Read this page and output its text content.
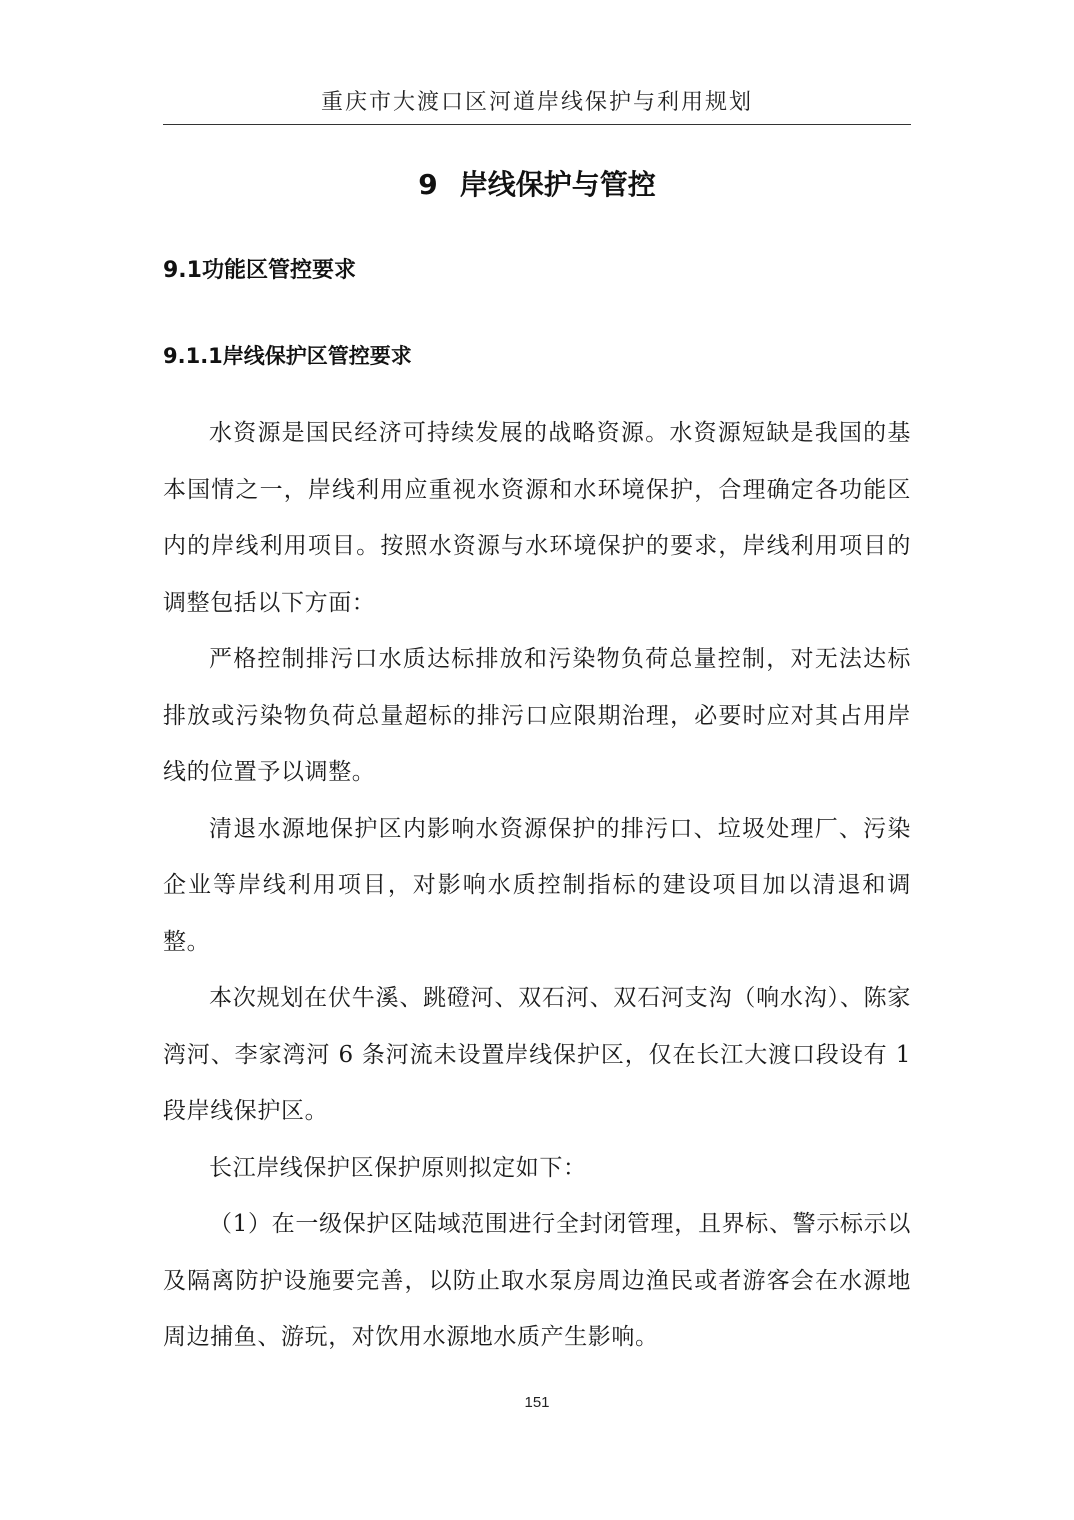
重庆市大渡口区河道岸线保护与利用规划
9 岸线保护与管控
9.1功能区管控要求
9.1.1岸线保护区管控要求

水资源是国民经济可持续发展的战略资源。水资源短缺是我国的基本国情之一，岸线利用应重视水资源和水环境保护，合理确定各功能区内的岸线利用项目。按照水资源与水环境保护的要求，岸线利用项目的调整包括以下方面：

严格控制排污口水质达标排放和污染物负荷总量控制，对无法达标排放或污染物负荷总量超标的排污口应限期治理，必要时应对其占用岸线的位置予以调整。

清退水源地保护区内影响水资源保护的排污口、垃圾处理厂、污染企业等岸线利用项目，对影响水质控制指标的建设项目加以清退和调整。

本次规划在伏牛溪、跳磴河、双石河、双石河支沟（响水沟）、陈家湾河、李家湾河 6 条河流未设置岸线保护区，仅在长江大渡口段设有 1 段岸线保护区。

长江岸线保护区保护原则拟定如下：

（1）在一级保护区陆域范围进行全封闭管理，且界标、警示标示以及隔离防护设施要完善，以防止取水泵房周边渔民或者游客会在水源地周边捕鱼、游玩，对饮用水源地水质产生影响。

151
